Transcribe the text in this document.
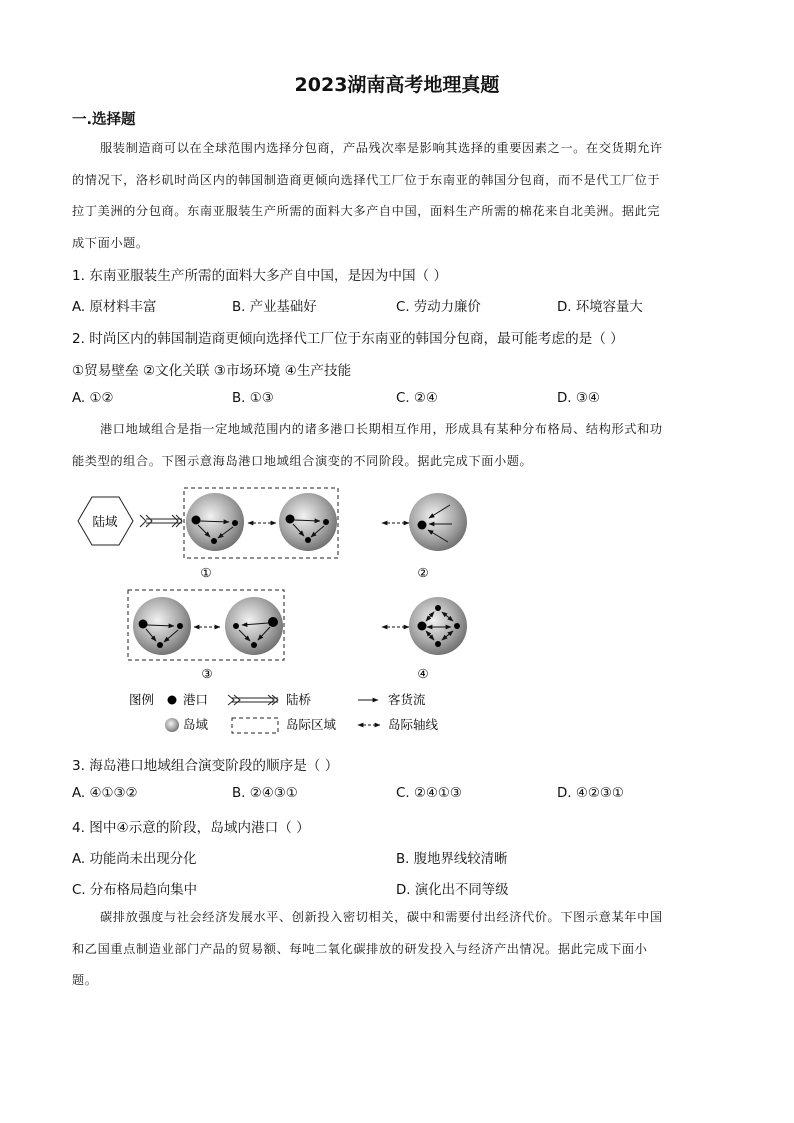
2023湖南高考地理真题
一.选择题
服装制造商可以在全球范围内选择分包商，产品残次率是影响其选择的重要因素之一。在交货期允许
的情况下，洛杉矶时尚区内的韩国制造商更倾向选择代工厂位于东南亚的韩国分包商，而不是代工厂位于
拉丁美洲的分包商。东南亚服装生产所需的面料大多产自中国，面料生产所需的棉花来自北美洲。据此完
成下面小题。
1. 东南亚服装生产所需的面料大多产自中国，是因为中国（ ）
A. 原材料丰富	B. 产业基础好	C. 劳动力廉价	D. 环境容量大
2. 时尚区内的韩国制造商更倾向选择代工厂位于东南亚的韩国分包商，最可能考虑的是（ ）
①贸易壁垒 ②文化关联 ③市场环境 ④生产技能
A. ①②	B. ①③	C. ②④	D. ③④
港口地域组合是指一定地域范围内的诸多港口长期相互作用，形成具有某种分布格局、结构形式和功
能类型的组合。下图示意海岛港口地域组合演变的不同阶段。据此完成下面小题。
陆域
①	②
③	④
图例 港口	陆桥	客货流
岛域	岛际区域	岛际轴线
3. 海岛港口地域组合演变阶段的顺序是（ ）
A. ④①③②	B. ②④③①	C. ②④①③	D. ④②③①
4. 图中④示意的阶段，岛域内港口（ ）
A. 功能尚未出现分化	B. 腹地界线较清晰
C. 分布格局趋向集中	D. 演化出不同等级
碳排放强度与社会经济发展水平、创新投入密切相关，碳中和需要付出经济代价。下图示意某年中国
和乙国重点制造业部门产品的贸易额、每吨二氧化碳排放的研发投入与经济产出情况。据此完成下面小
题。
